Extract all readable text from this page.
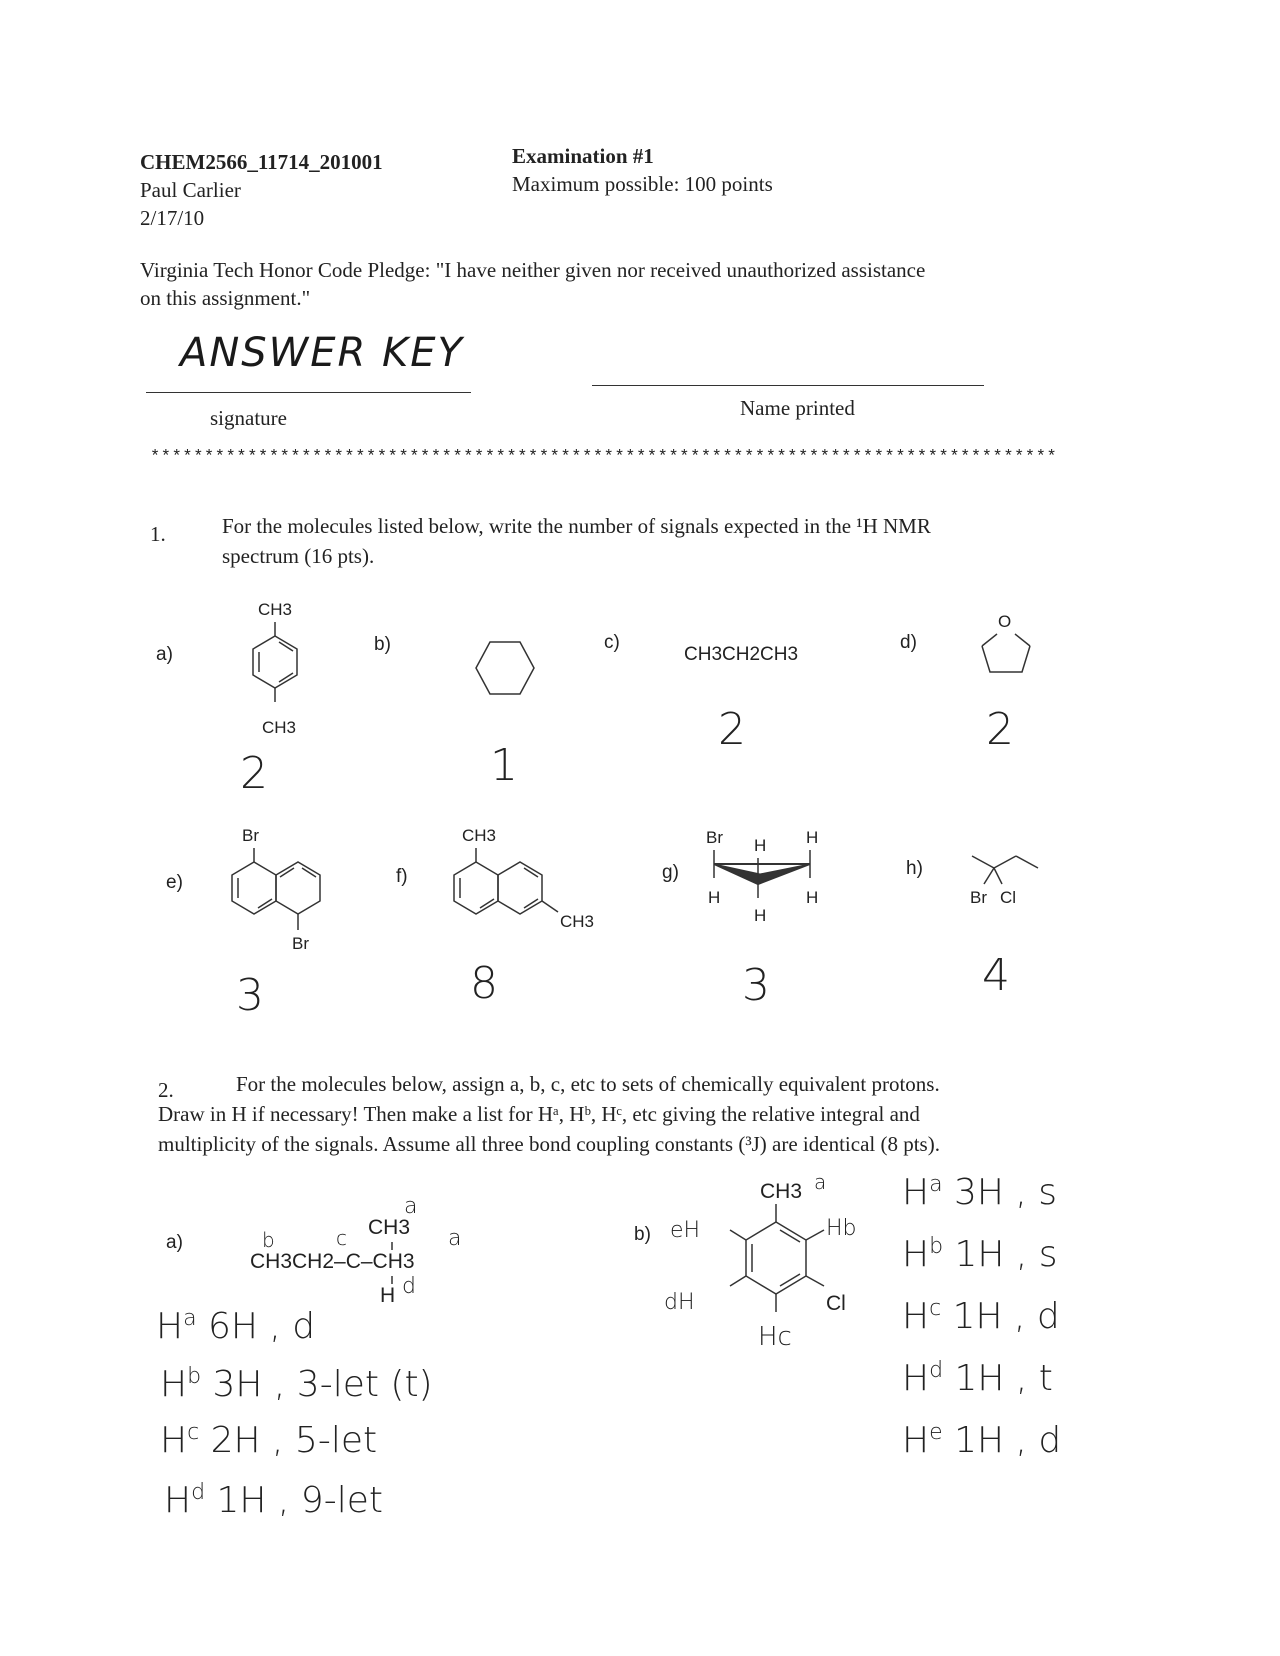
CHEM2566_11714_201001
Paul Carlier
2/17/10
Examination #1
Maximum possible: 100 points
Virginia Tech Honor Code Pledge: "I have neither given nor received unauthorized assistance
on this assignment."
ANSWER KEY
signature	Name printed
************************************************************************************
1.	For the molecules listed below, write the number of signals expected in the ¹H NMR
spectrum (16 pts).
a)
CH3
CH3
2
b)
1
c)
CH3CH2CH3
2
d)
O
2
e)
Br
Br
3
f)
CH3
CH3
8
g)
Br H H
H	H
H
3
h)
Br Cl
4
2.	For the molecules below, assign a, b, c, etc to sets of chemically equivalent protons.
Draw in H if necessary! Then make a list for Hᵃ, Hᵇ, Hᶜ, etc giving the relative integral and
multiplicity of the signals. Assume all three bond coupling constants (³J) are identical (8 pts).
a)
a
CH3
b	c	a
CH3CH2–C–CH3
H d
$H^a$ 6H , d
$H^b$ 3H , 3-let (t)
$H^c$ 2H , 5-let
$H^d$ 1H , 9-let
b)
a
CH3
eH	Hb
dH	Cl
Hc
$H^a$ 3H , s
$H^b$ 1H , s
$H^c$ 1H , d
$H^d$ 1H , t
$H^e$ 1H , d
